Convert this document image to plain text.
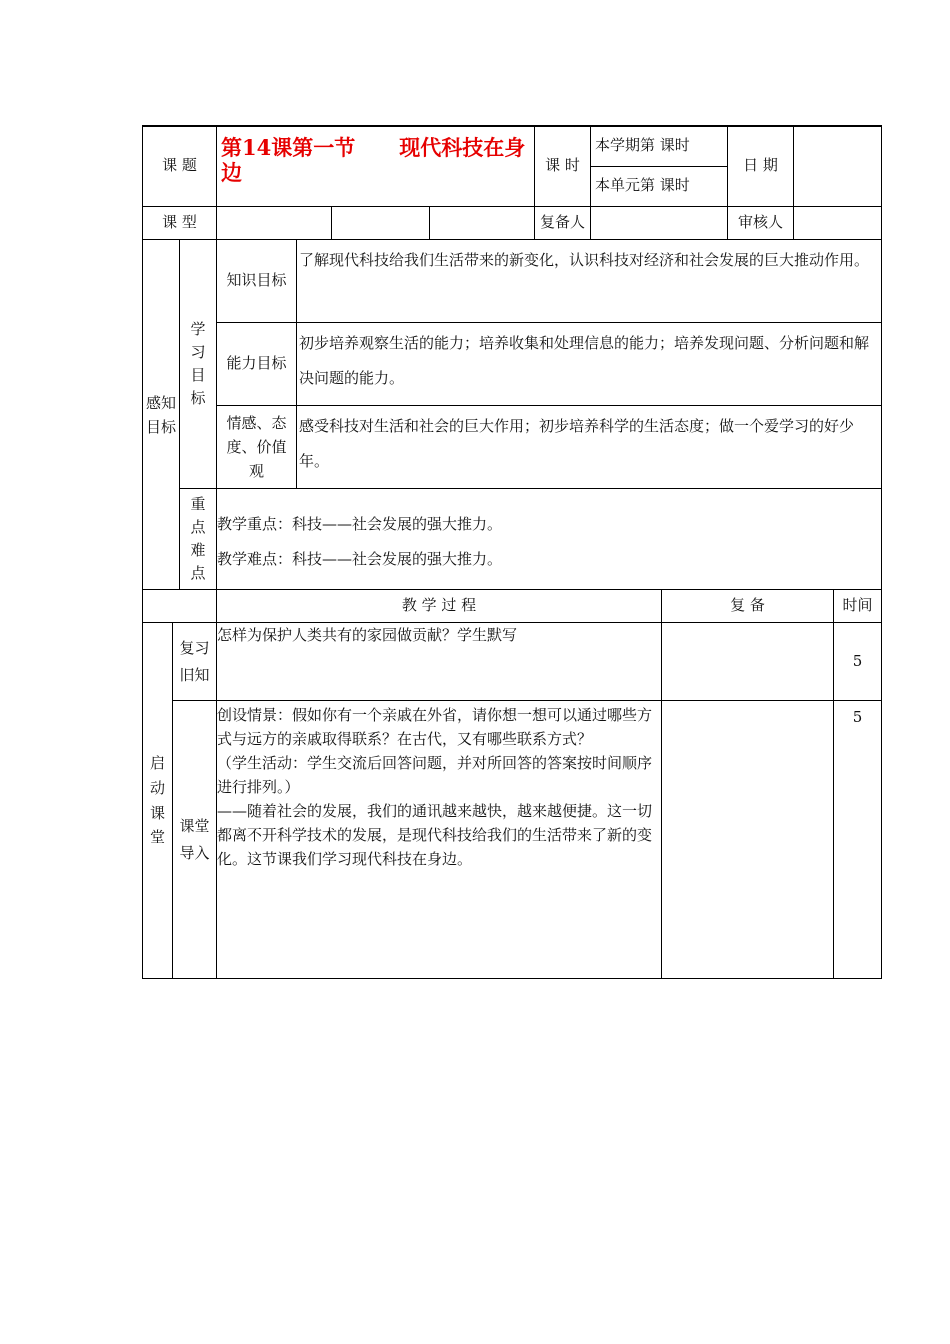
课 题	第14课第一节 现代科技在身边			课 时	本学期第 课时	日 期	
					本单元第 课时		
课 型				复备人		审核人	
感知目标	学习目标	知识目标	了解现代科技给我们生活带来的新变化，认识科技对经济和社会发展的巨大推动作用。
		能力目标	初步培养观察生活的能力；培养收集和处理信息的能力；培养发现问题、分析问题和解决问题的能力。
		情感、态度、价值观	感受科技对生活和社会的巨大作用；初步培养科学的生活态度；做一个爱学习的好少年。

	重点难点	教学重点：科技——社会发展的强大推力。
教学难点：科技——社会发展的强大推力。	
		教 学 过 程	复 备	时间

启动课堂	复习旧知	怎样为保护人类共有的家园做贡献？学生默写		5

	课堂导入	创设情景：假如你有一个亲戚在外省，请你想一想可以通过哪些方式与远方的亲戚取得联系？在古代，又有哪些联系方式？
（学生活动：学生交流后回答问题，并对所回答的答案按时间顺序进行排列。）
——随着社会的发展，我们的通讯越来越快，越来越便捷。这一切都离不开科学技术的发展，是现代科技给我们的生活带来了新的变化。这节课我们学习现代科技在身边。		5
